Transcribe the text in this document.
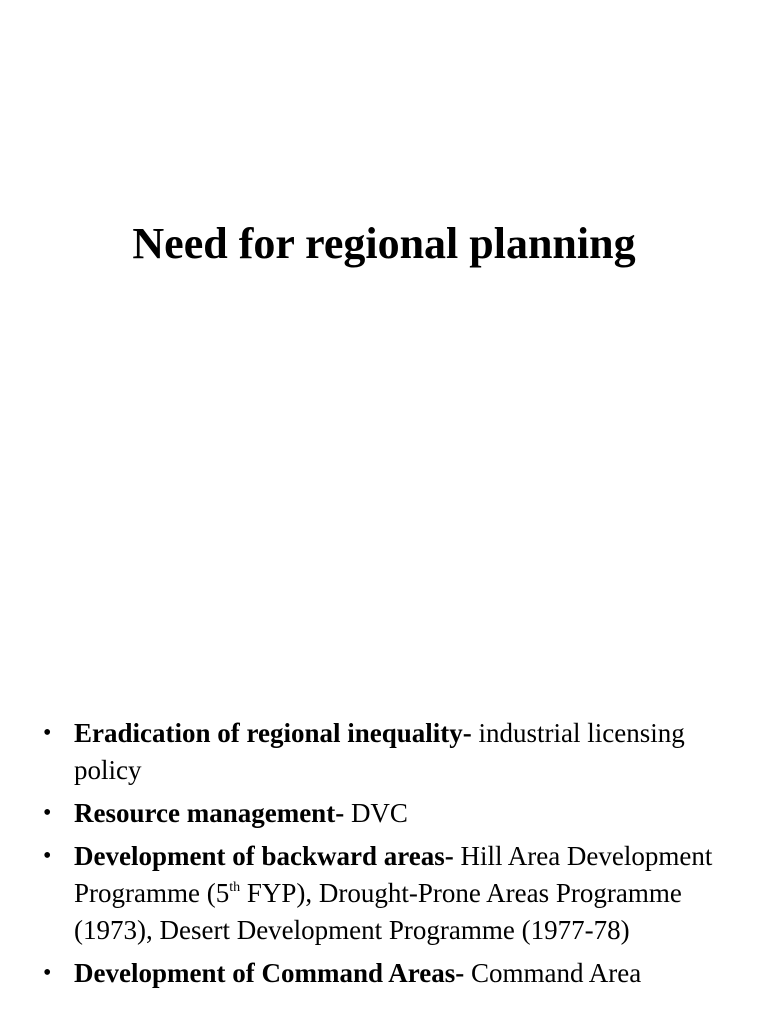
Need for regional planning
• Eradication of regional inequality- industrial licensing policy
• Resource management- DVC
• Development of backward areas- Hill Area Development Programme (5th FYP), Drought-Prone Areas Programme (1973), Desert Development Programme (1977-78)
• Development of Command Areas- Command Area
